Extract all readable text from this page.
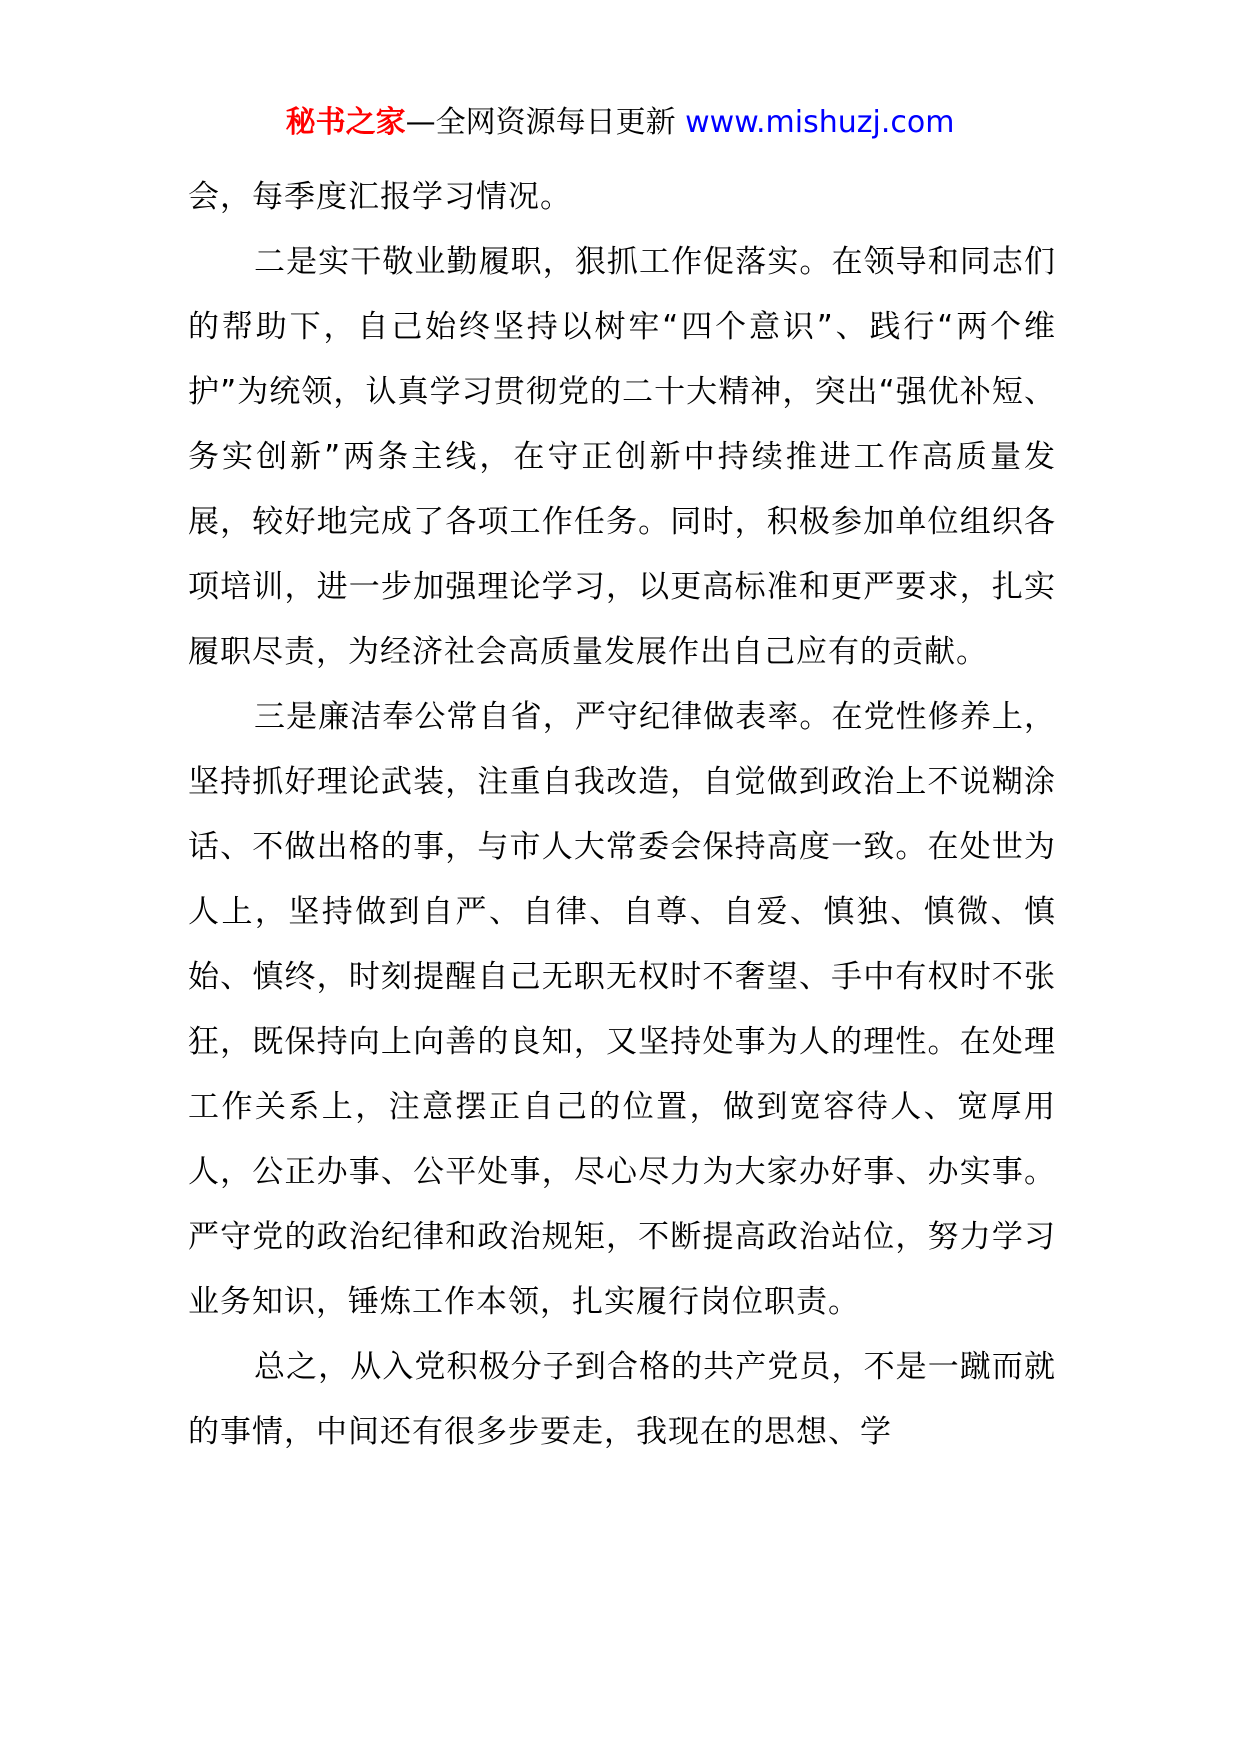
秘书之家—全网资源每日更新 www.mishuzj.com

会，每季度汇报学习情况。

二是实干敬业勤履职，狠抓工作促落实。在领导和同志们的帮助下，自己始终坚持以树牢“四个意识”、践行“两个维护”为统领，认真学习贯彻党的二十大精神，突出“强优补短、务实创新”两条主线，在守正创新中持续推进工作高质量发展，较好地完成了各项工作任务。同时，积极参加单位组织各项培训，进一步加强理论学习，以更高标准和更严要求，扎实履职尽责，为经济社会高质量发展作出自己应有的贡献。

三是廉洁奉公常自省，严守纪律做表率。在党性修养上，坚持抓好理论武装，注重自我改造，自觉做到政治上不说糊涂话、不做出格的事，与市人大常委会保持高度一致。在处世为人上，坚持做到自严、自律、自尊、自爱、慎独、慎微、慎始、慎终，时刻提醒自己无职无权时不奢望、手中有权时不张狂，既保持向上向善的良知，又坚持处事为人的理性。在处理工作关系上，注意摆正自己的位置，做到宽容待人、宽厚用人，公正办事、公平处事，尽心尽力为大家办好事、办实事。严守党的政治纪律和政治规矩，不断提高政治站位，努力学习业务知识，锤炼工作本领，扎实履行岗位职责。

总之，从入党积极分子到合格的共产党员，不是一蹴而就的事情，中间还有很多步要走，我现在的思想、学
